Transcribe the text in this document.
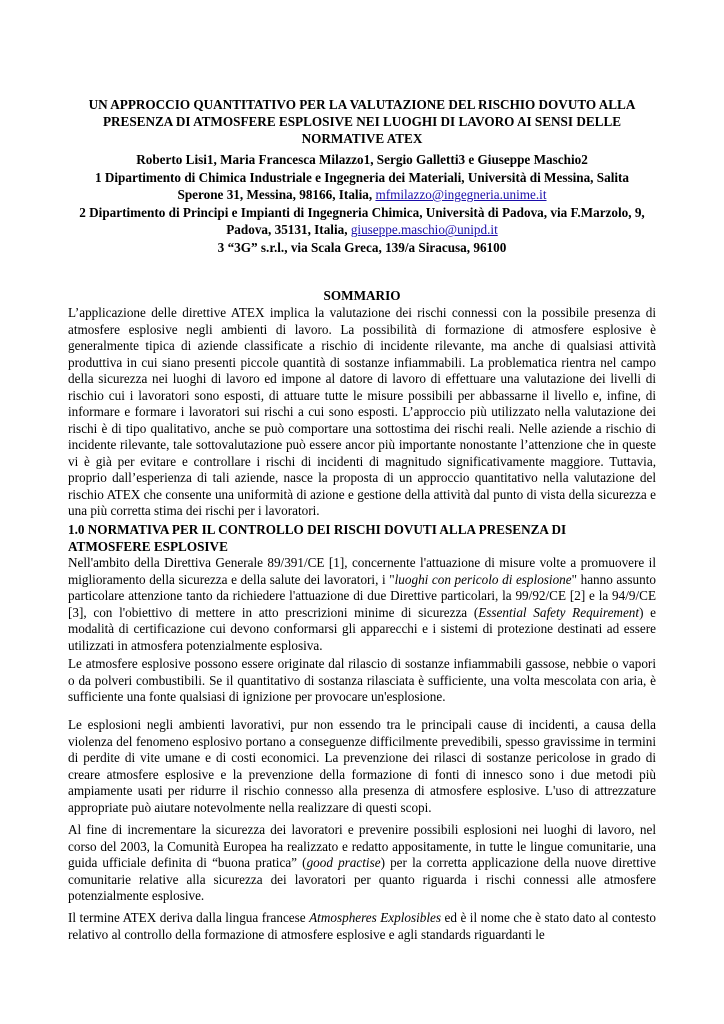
UN APPROCCIO QUANTITATIVO PER LA VALUTAZIONE DEL RISCHIO DOVUTO ALLA
PRESENZA DI ATMOSFERE ESPLOSIVE NEI LUOGHI DI LAVORO AI SENSI DELLE
NORMATIVE ATEX
Roberto Lisi1, Maria Francesca Milazzo1, Sergio Galletti3 e Giuseppe Maschio2
1 Dipartimento di Chimica Industriale e Ingegneria dei Materiali, Università di Messina, Salita
Sperone 31, Messina, 98166, Italia, mfmilazzo@ingegneria.unime.it
2 Dipartimento di Principi e Impianti di Ingegneria Chimica, Università di Padova, via F.Marzolo, 9,
Padova, 35131, Italia, giuseppe.maschio@unipd.it
3 “3G” s.r.l., via Scala Greca, 139/a Siracusa, 96100
SOMMARIO
L’applicazione delle direttive ATEX implica la valutazione dei rischi connessi con la possibile presenza di atmosfere esplosive negli ambienti di lavoro. La possibilità di formazione di atmosfere esplosive è generalmente tipica di aziende classificate a rischio di incidente rilevante, ma anche di qualsiasi attività produttiva in cui siano presenti piccole quantità di sostanze infiammabili. La problematica rientra nel campo della sicurezza nei luoghi di lavoro ed impone al datore di lavoro di effettuare una valutazione dei livelli di rischio cui i lavoratori sono esposti, di attuare tutte le misure possibili per abbassarne il livello e, infine, di informare e formare i lavoratori sui rischi a cui sono esposti. L’approccio più utilizzato nella valutazione dei rischi è di tipo qualitativo, anche se può comportare una sottostima dei rischi reali. Nelle aziende a rischio di incidente rilevante, tale sottovalutazione può essere ancor più importante nonostante l’attenzione che in queste vi è già per evitare e controllare i rischi di incidenti di magnitudo significativamente maggiore. Tuttavia, proprio dall’esperienza di tali aziende, nasce la proposta di un approccio quantitativo nella valutazione del rischio ATEX che consente una uniformità di azione e gestione della attività dal punto di vista della sicurezza e una più corretta stima dei rischi per i lavoratori.
1.0 NORMATIVA PER IL CONTROLLO DEI RISCHI DOVUTI ALLA PRESENZA DI
ATMOSFERE ESPLOSIVE
Nell'ambito della Direttiva Generale 89/391/CE [1], concernente l'attuazione di misure volte a promuovere il miglioramento della sicurezza e della salute dei lavoratori, i "luoghi con pericolo di esplosione" hanno assunto particolare attenzione tanto da richiedere l'attuazione di due Direttive particolari, la 99/92/CE [2] e la 94/9/CE [3], con l'obiettivo di mettere in atto prescrizioni minime di sicurezza (Essential Safety Requirement) e modalità di certificazione cui devono conformarsi gli apparecchi e i sistemi di protezione destinati ad essere utilizzati in atmosfera potenzialmente esplosiva.
Le atmosfere esplosive possono essere originate dal rilascio di sostanze infiammabili gassose, nebbie o vapori o da polveri combustibili. Se il quantitativo di sostanza rilasciata è sufficiente, una volta mescolata con aria, è sufficiente una fonte qualsiasi di ignizione per provocare un'esplosione.
Le esplosioni negli ambienti lavorativi, pur non essendo tra le principali cause di incidenti, a causa della violenza del fenomeno esplosivo portano a conseguenze difficilmente prevedibili, spesso gravissime in termini di perdite di vite umane e di costi economici. La prevenzione dei rilasci di sostanze pericolose in grado di creare atmosfere esplosive e la prevenzione della formazione di fonti di innesco sono i due metodi più ampiamente usati per ridurre il rischio connesso alla presenza di atmosfere esplosive. L'uso di attrezzature appropriate può aiutare notevolmente nella realizzare di questi scopi.
Al fine di incrementare la sicurezza dei lavoratori e prevenire possibili esplosioni nei luoghi di lavoro, nel corso del 2003, la Comunità Europea ha realizzato e redatto appositamente, in tutte le lingue comunitarie, una guida ufficiale definita di “buona pratica” (good practise) per la corretta applicazione della nuove direttive comunitarie relative alla sicurezza dei lavoratori per quanto riguarda i rischi connessi alle atmosfere potenzialmente esplosive.
Il termine ATEX deriva dalla lingua francese Atmospheres Explosibles ed è il nome che è stato dato al contesto relativo al controllo della formazione di atmosfere esplosive e agli standards riguardanti le
